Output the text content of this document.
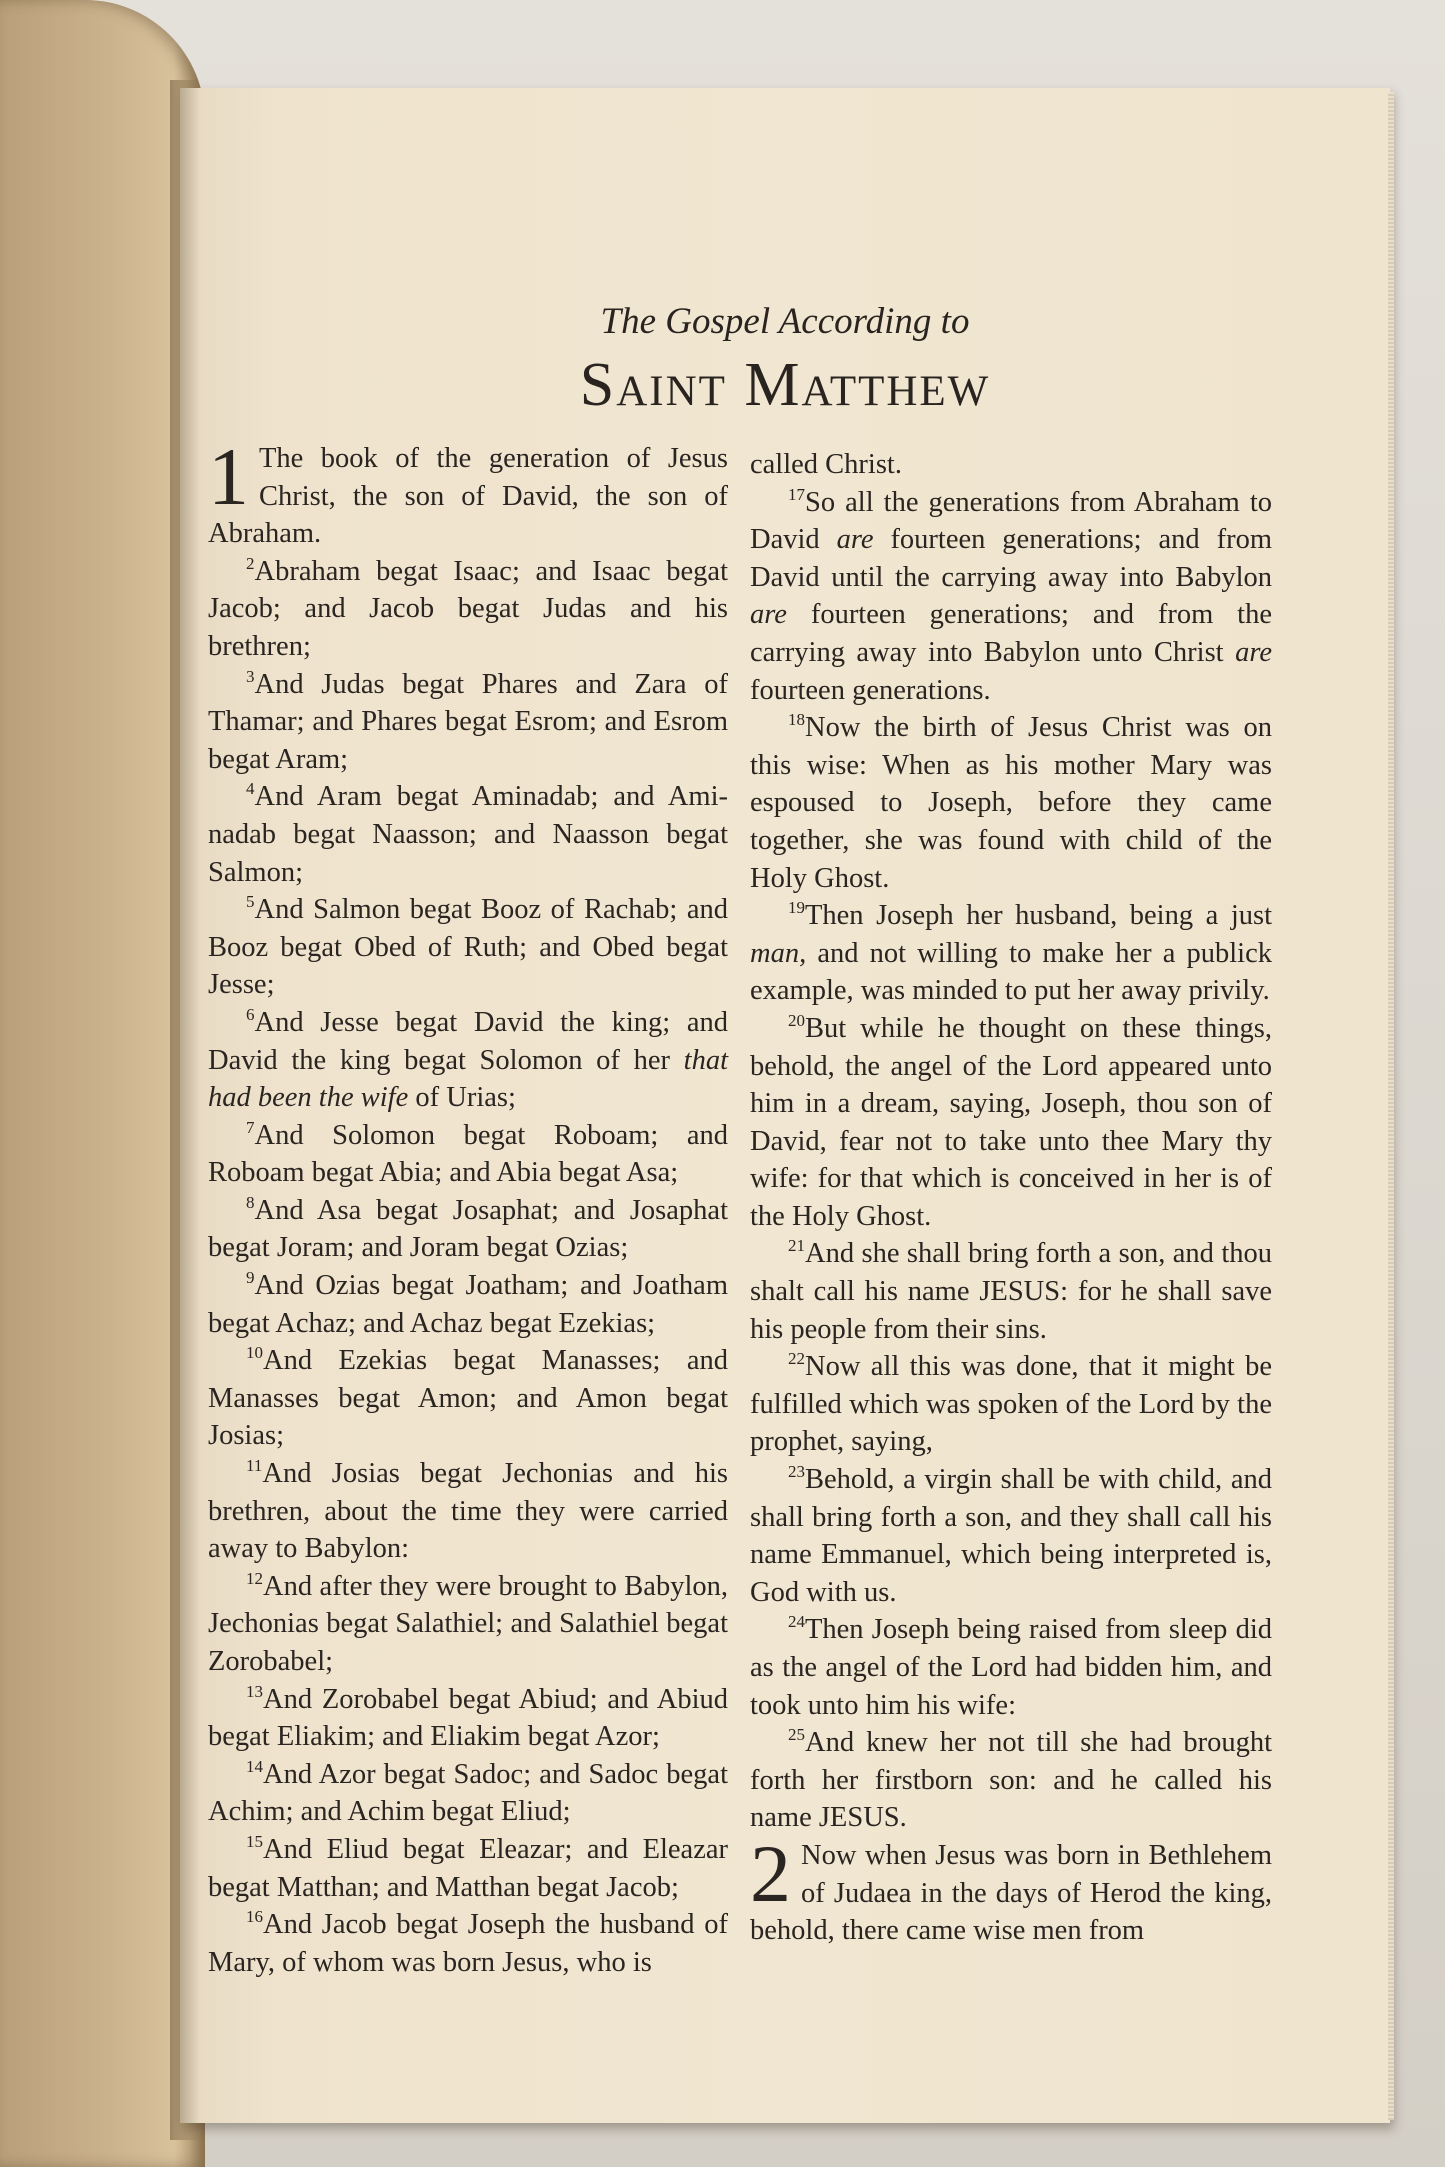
The Gospel According to
Saint Matthew

1 The book of the generation of Jesus Christ, the son of David, the son of Abraham.

$^2$Abraham begat Isaac; and Isaac begat Jacob; and Jacob begat Judas and his brethren;

$^3$And Judas begat Phares and Zara of Thamar; and Phares begat Esrom; and Esrom begat Aram;

$^4$And Aram begat Aminadab; and Aminadab begat Naasson; and Naasson begat Salmon;

$^5$And Salmon begat Booz of Rachab; and Booz begat Obed of Ruth; and Obed begat Jesse;

$^6$And Jesse begat David the king; and David the king begat Solomon of her that had been the wife of Urias;

$^7$And Solomon begat Roboam; and Roboam begat Abia; and Abia begat Asa;

$^8$And Asa begat Josaphat; and Josaphat begat Joram; and Joram begat Ozias;

$^9$And Ozias begat Joatham; and Joatham begat Achaz; and Achaz begat Ezekias;

$^{10}$And Ezekias begat Manasses; and Manasses begat Amon; and Amon begat Josias;

$^{11}$And Josias begat Jechonias and his brethren, about the time they were carried away to Babylon:

$^{12}$And after they were brought to Babylon, Jechonias begat Salathiel; and Salathiel begat Zorobabel;

$^{13}$And Zorobabel begat Abiud; and Abiud begat Eliakim; and Eliakim begat Azor;

$^{14}$And Azor begat Sadoc; and Sadoc begat Achim; and Achim begat Eliud;

$^{15}$And Eliud begat Eleazar; and Eleazar begat Matthan; and Matthan begat Jacob;

$^{16}$And Jacob begat Joseph the husband of Mary, of whom was born Jesus, who is

called Christ.

$^{17}$So all the generations from Abraham to David are fourteen generations; and from David until the carrying away into Babylon are fourteen generations; and from the carrying away into Babylon unto Christ are fourteen generations.

$^{18}$Now the birth of Jesus Christ was on this wise: When as his mother Mary was espoused to Joseph, before they came together, she was found with child of the Holy Ghost.

$^{19}$Then Joseph her husband, being a just man, and not willing to make her a publick example, was minded to put her away privily.

$^{20}$But while he thought on these things, behold, the angel of the Lord appeared unto him in a dream, saying, Joseph, thou son of David, fear not to take unto thee Mary thy wife: for that which is conceived in her is of the Holy Ghost.

$^{21}$And she shall bring forth a son, and thou shalt call his name JESUS: for he shall save his people from their sins.

$^{22}$Now all this was done, that it might be fulfilled which was spoken of the Lord by the prophet, saying,

$^{23}$Behold, a virgin shall be with child, and shall bring forth a son, and they shall call his name Emmanuel, which being interpreted is, God with us.

$^{24}$Then Joseph being raised from sleep did as the angel of the Lord had bidden him, and took unto him his wife:

$^{25}$And knew her not till she had brought forth her firstborn son: and he called his name JESUS.

2 Now when Jesus was born in Bethlehem of Judaea in the days of Herod the king, behold, there came wise men from
